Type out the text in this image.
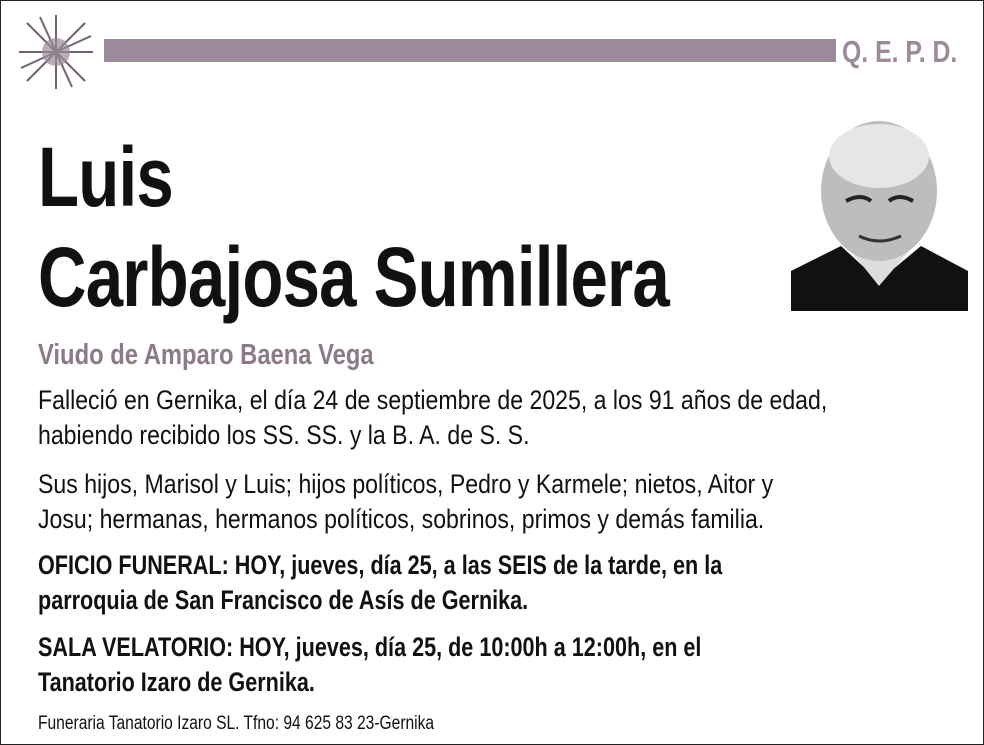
Q. E. P. D.
Luis
Carbajosa Sumillera
Viudo de Amparo Baena Vega
Falleció en Gernika, el día 24 de septiembre de 2025, a los 91 años de edad,
habiendo recibido los SS. SS. y la B. A. de S. S.
Sus hijos, Marisol y Luis; hijos políticos, Pedro y Karmele; nietos, Aitor y
Josu; hermanas, hermanos políticos, sobrinos, primos y demás familia.
OFICIO FUNERAL: HOY, jueves, día 25, a las SEIS de la tarde, en la
parroquia de San Francisco de Asís de Gernika.
SALA VELATORIO: HOY, jueves, día 25, de 10:00h a 12:00h, en el
Tanatorio Izaro de Gernika.
Funeraria Tanatorio Izaro SL. Tfno: 94 625 83 23-Gernika
